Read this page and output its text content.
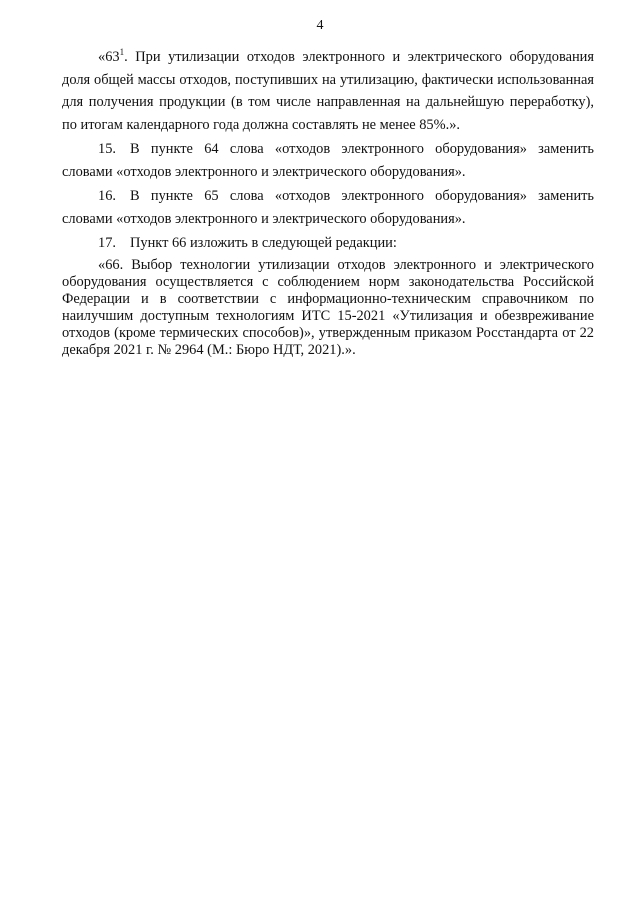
4

«$63^1$. При утилизации отходов электронного и электрического оборудования доля общей массы отходов, поступивших на утилизацию, фактически использованная для получения продукции (в том числе направленная на дальнейшую переработку), по итогам календарного года должна составлять не менее 85%.».

15. В пункте 64 слова «отходов электронного оборудования» заменить словами «отходов электронного и электрического оборудования».

16. В пункте 65 слова «отходов электронного оборудования» заменить словами «отходов электронного и электрического оборудования».

17. Пункт 66 изложить в следующей редакции:

«66. Выбор технологии утилизации отходов электронного и электрического оборудования осуществляется с соблюдением норм законодательства Российской Федерации и в соответствии с информационно-техническим справочником по наилучшим доступным технологиям ИТС 15-2021 «Утилизация и обезвреживание отходов (кроме термических способов)», утвержденным приказом Росстандарта от 22 декабря 2021 г. № 2964 (М.: Бюро НДТ, 2021).».
